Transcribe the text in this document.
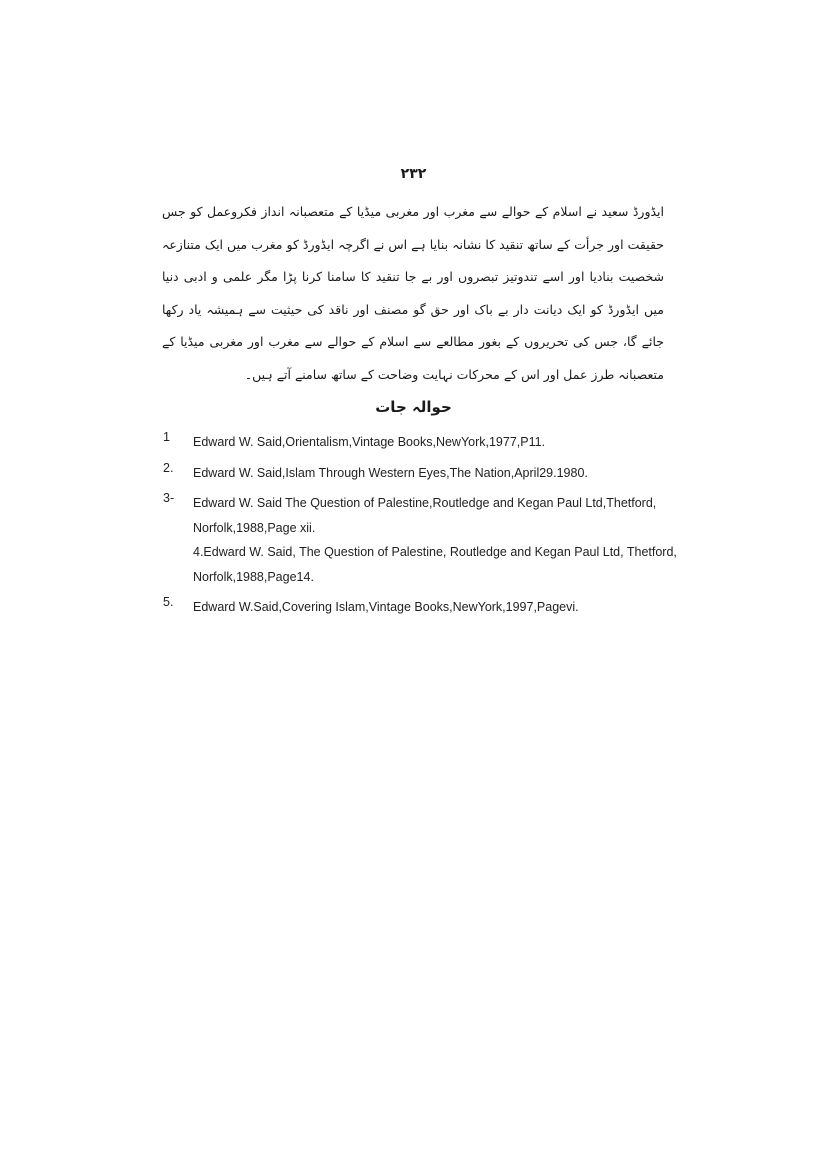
۲۳۲

ایڈورڈ سعید نے اسلام کے حوالے سے مغرب اور مغربی میڈیا کے متعصبانہ انداز فکروعمل کو جس حقیقت اور جرأت کے ساتھ تنقید کا نشانہ بنایا ہے اس نے اگرچہ ایڈورڈ کو مغرب میں ایک متنازعہ شخصیت بنادیا اور اسے تندوتیز تبصروں اور بے جا تنقید کا سامنا کرنا پڑا مگر علمی و ادبی دنیا میں ایڈورڈ کو ایک دیانت دار بے باک اور حق گو مصنف اور ناقد کی حیثیت سے ہمیشہ یاد رکھا جائے گا، جس کی تحریروں کے بغور مطالعے سے اسلام کے حوالے سے مغرب اور مغربی میڈیا کے متعصبانہ طرز عمل اور اس کے محرکات نہایت وضاحت کے ساتھ سامنے آتے ہیں۔

حوالہ جات
1	Edward W. Said,Orientalism,Vintage Books,NewYork,1977,P11.
2.	Edward W. Said,Islam Through Western Eyes,The Nation,April29.1980.
3-	Edward W. Said The Question of Palestine,Routledge and Kegan Paul Ltd,Thetford, Norfolk,1988,Page xii.
4.Edward W. Said, The Question of Palestine, Routledge and Kegan Paul Ltd, Thetford, Norfolk,1988,Page14.
5.	Edward W.Said,Covering Islam,Vintage Books,NewYork,1997,Pagevi.
